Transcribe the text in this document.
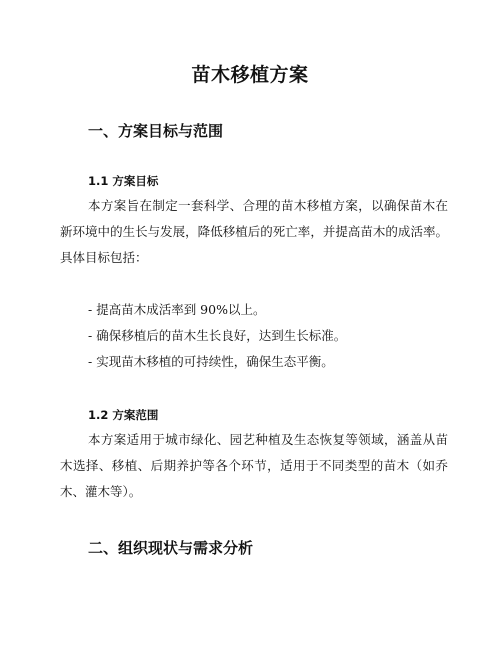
苗木移植方案
一、方案目标与范围
1.1 方案目标

本方案旨在制定一套科学、合理的苗木移植方案，以确保苗木在新环境中的生长与发展，降低移植后的死亡率，并提高苗木的成活率。具体目标包括：

- 提高苗木成活率到 90%以上。

- 确保移植后的苗木生长良好，达到生长标准。

- 实现苗木移植的可持续性，确保生态平衡。

1.2 方案范围

本方案适用于城市绿化、园艺种植及生态恢复等领域，涵盖从苗木选择、移植、后期养护等各个环节，适用于不同类型的苗木（如乔木、灌木等）。

二、组织现状与需求分析
